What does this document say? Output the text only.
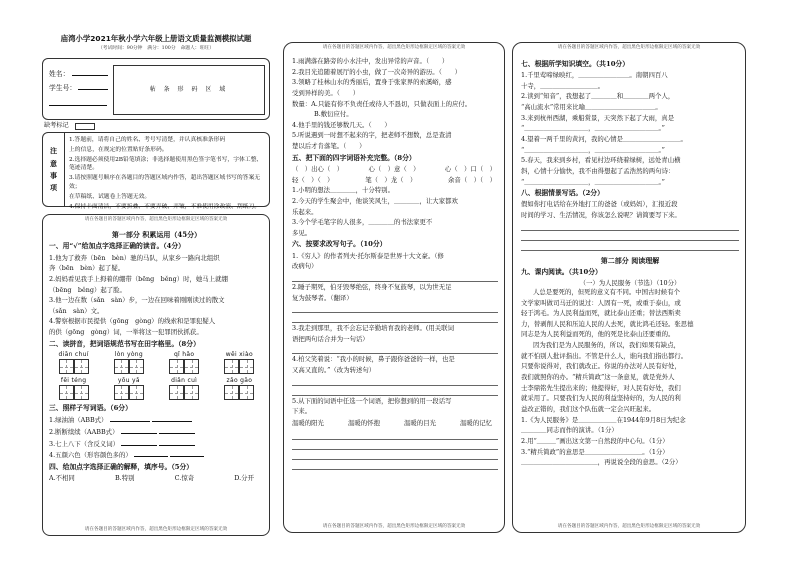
庙湾小学2021年秋小学六年级上册语文质量监测模拟试题
（考试时间：90分钟　满分：100分　命题人：旺旺）
姓名：
学生号：	帖 条 形 码 区 域
缺考标记
注
意
事
项
1.答题前，请将自己的姓名、考号写清楚，并认真核准条形码
上的信息，在规定的位置贴好条形码。
2.选择题必须使用2B铅笔填涂；非选择题使用黑色签字笔书写，字体工整、笔迹清楚。
3.请按照题号顺序在各题目的答题区域内作答，超出答题区域书写的答案无效；
在草稿纸、试题卷上答题无效。
4.保持卡面清洁，不要折叠、不要弄破、弄皱，不准使用涂改液、刮纸刀。
请在各题目的答题区域内作答，超出黑色矩形边框限定区域的答案无效
第一部分 积累运用（45分）
一、用“√”给加点字选择正确的读音。（4分）

1.他为了救奔（bēn　bèn）驰的马队，从家乡一路向北组织

奔（bēn　bèn）起了疑。

2.妈妈看见我手上拇着的绷带（bēng　běng）时，她马上就绷

（bēng　běng）起了脸。

3.他一边在数（sǎn　sàn）步，一边在回味着刚刚读过的散文

（sǎn　sàn）文。

4.警察根据市民提供（gōng　gòng）的线索和是罪犯疑人

的供（gōng　gòng）词，一举将这一犯罪团伙抓获。

二、读拼音，把词语规范书写在田字格里。（8分）
diān chuí	lòn yòng	qǐ hǎo	wēi xiào
fēi téng	yōu yǎ	diǎn cuì	zǎo gāo
三、照样子写词语。（6分）

1.绿油油（ABB式）

2.断断续续（AABB式）

3.七上八下（含反义词）

4.五颜六色（形容颜色多的）

四、给加点字选择正确的解释，填序号。（5分）
A.不相同	B.特别	C.惊奇	D.分开
请在各题目的答题区域内作答，超出黑色矩形边框限定区域的答案无效
请在各题目的答题区域内作答，超出黑色矩形边框限定区域的答案无效

1.雨满落在路旁的小水洼中，发出异常的声音。（　　）

2.我目光追随着展厅的小虫，做了一次奇异的游历。（　　）

3.领略了桂林山水的秀丽后，置身于张家界的索溪峪，感

受到异样的美。（　　）

数量：A.只能有你不负责任或待人不恳切，只做表面上的应付。

B.敷衍应付。

4.他手里的钱还够数几天。（　　）

5.听说遇到一时想不起来的字，把老师不想数，总是查清

楚以后才肯落笔。（　　）

五、把下面的四字词语补充完整。（8分）
（　）出心（　）	心（　）意（　）	心（　）口（　）
轻（　）（　）	笔（　）龙（　）	余音（　）（　）

1.小明的想法＿＿＿＿，十分特别。

2.今天的学生聚会中，他谈笑风生，＿＿＿＿，让大家都欢

乐起来。

3.今个学毛笔字的人很多，＿＿＿＿的书法家更不

多见。

六、按要求改写句子。（10分）

1.《穷人》的作者列夫·托尔斯泰是世界十大文豪。（修

改病句）

2.睡子期死，伯牙毁琴绝弦，终身不复鼓琴，以为世无足

复为鼓琴者。（翻译）

3.我走到那里，我不会忘记辛勤培育我的老师。(用关联词

语把两句话合并为一句话）

4.柏父笑着说：“我小的时候，鼻子跟你爸爸的一样，也是

又高又直的。”（改为转述句）

5.从下面的词语中任选一个词语，把你想到的用一段话写

下来。

温暖的阳光	温暖的怀抱	温暖的目光	温暖的记忆
请在各题目的答题区域内作答，超出黑色矩形边框限定区域的答案无效
请在各题目的答题区域内作答，超出黑色矩形边框限定区域的答案无效
七、根据所学知识填空。（共10分）

1.千里莺啼绿映红，＿＿＿＿＿＿＿＿。南朝四百八

十寺，＿＿＿＿＿＿＿＿＿。

2.读到“知音”，我想起了＿＿＿＿和＿＿＿＿两个人，

“高山流水”常用来比喻＿＿＿＿＿＿＿＿＿＿＿。

3.来到杭州西湖，乘船赏景，天突然下起了大雨，真是

“＿＿＿＿＿＿＿＿＿＿，＿＿＿＿＿＿＿＿＿＿。”

4.望着一两千里的黄河，我的心情是＿＿＿＿＿＿＿＿＿。

“＿＿＿＿＿＿＿＿＿＿，＿＿＿＿＿＿＿＿＿＿。”

5.春天，我来到乡村，看见村边环绕着绿树，远处青山横

斜，心情十分愉快，我不由得想起了孟浩然的两句诗：

“＿＿＿＿＿＿＿＿＿＿，＿＿＿＿＿＿＿＿＿＿。”

八、根据情景写话。（2分）

假如你打电话给在外地打工的爸爸（或妈妈），汇报近段

时间的学习、生活情况，你该怎么说呢？请简要写下来。

第二部分 阅读理解
九、课内阅读。（共10分）
（一）为人民服务（节选）（10分）

人总是要死的，但死的意义有不同。中国古时候有个

文学家叫做司马迁的说过：人固有一死，或重于泰山，或

轻于鸿毛。为人民利益而死，就比泰山还重；替法西斯卖

力，替剥削人民和压迫人民的人去死，就比鸿毛还轻。张思德

同志是为人民利益而死的，他的死是比泰山还要重的。

因为我们是为人民服务的，所以，我们如果有缺点，

就不怕别人批评指出。不管是什么人，谁向我们指出都行。

只要你说得对，我们就改正。你说的办法对人民有好处，

我们就照你的办。“精兵简政”这一条意见，就是党外人

士李鼎铭先生提出来的；他提得好，对人民有好处，我们

就采用了。只要我们为人民的利益坚持好的，为人民的利

益改正错的，我们这个队伍就一定会兴旺起来。

1.《为人民服务》是＿＿＿＿＿＿在1944年9月8日为纪念

＿＿＿＿同志而作的演讲。（1分）

2.用“＿＿＿”画出这文第一自然段的中心句。（1分）

3.“精兵简政”的意思是＿＿＿＿＿＿＿＿＿。（1分）

＿＿＿＿＿＿＿＿＿＿＿＿，再说说全段的意思。（2分）

请在各题目的答题区域内作答，超出黑色矩形边框限定区域的答案无效
